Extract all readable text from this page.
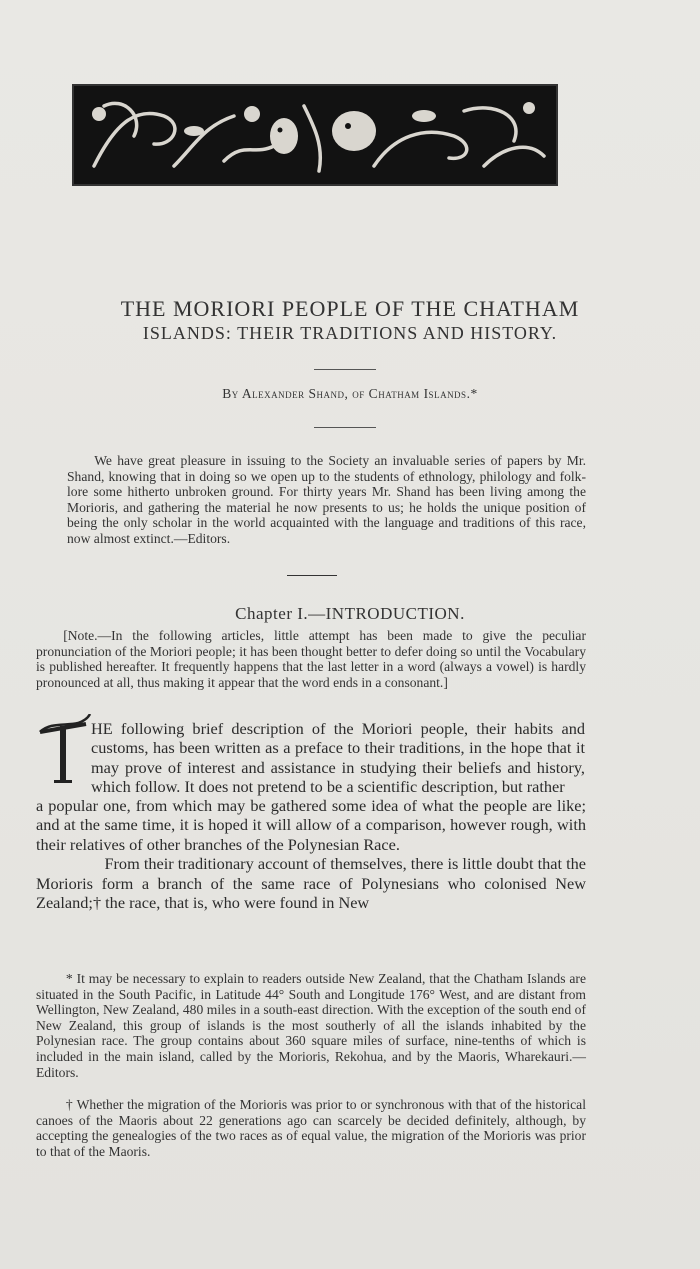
THE MORIORI PEOPLE OF THE CHATHAM
ISLANDS: THEIR TRADITIONS AND HISTORY.
By Alexander Shand, of Chatham Islands.*
We have great pleasure in issuing to the Society an invaluable series of papers by Mr. Shand, knowing that in doing so we open up to the students of ethnology, philology and folk-lore some hitherto unbroken ground. For thirty years Mr. Shand has been living among the Morioris, and gathering the material he now presents to us; he holds the unique position of being the only scholar in the world acquainted with the language and traditions of this race, now almost extinct.—Editors.
Chapter I.—INTRODUCTION.
[Note.—In the following articles, little attempt has been made to give the peculiar pronunciation of the Moriori people; it has been thought better to defer doing so until the Vocabulary is published hereafter. It frequently happens that the last letter in a word (always a vowel) is hardly pronounced at all, thus making it appear that the word ends in a consonant.]
HE following brief description of the Moriori people, their habits and customs, has been written as a preface to their traditions, in the hope that it may prove of interest and assistance in studying their beliefs and history, which follow. It does not pretend to be a scientific description, but rather
a popular one, from which may be gathered some idea of what the people are like; and at the same time, it is hoped it will allow of a comparison, however rough, with their relatives of other branches of the Polynesian Race.

From their traditionary account of themselves, there is little doubt that the Morioris form a branch of the same race of Polynesians who colonised New Zealand;† the race, that is, who were found in New

* It may be necessary to explain to readers outside New Zealand, that the Chatham Islands are situated in the South Pacific, in Latitude 44° South and Longitude 176° West, and are distant from Wellington, New Zealand, 480 miles in a south-east direction. With the exception of the south end of New Zealand, this group of islands is the most southerly of all the islands inhabited by the Polynesian race. The group contains about 360 square miles of surface, nine-tenths of which is included in the main island, called by the Morioris, Rekohua, and by the Maoris, Wharekauri.—Editors.

† Whether the migration of the Morioris was prior to or synchronous with that of the historical canoes of the Maoris about 22 generations ago can scarcely be decided definitely, although, by accepting the genealogies of the two races as of equal value, the migration of the Morioris was prior to that of the Maoris.
